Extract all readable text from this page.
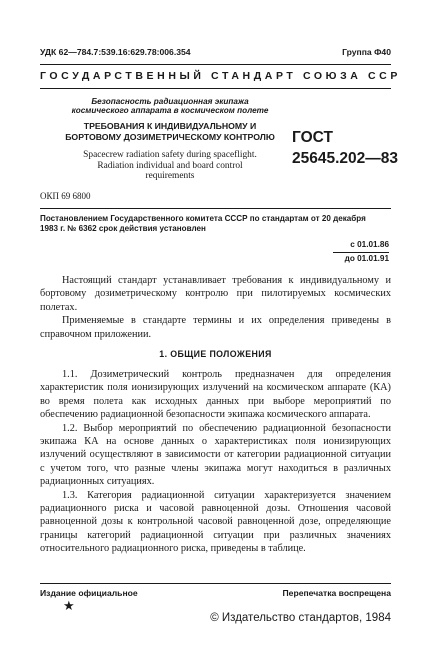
УДК 62—784.7:539.16:629.78:006.354	Группа Ф40
ГОСУДАРСТВЕННЫЙ СТАНДАРТ СОЮЗА ССР
Безопасность радиационная экипажа космического аппарата в космическом полете
ТРЕБОВАНИЯ К ИНДИВИДУАЛЬНОМУ И БОРТОВОМУ ДОЗИМЕТРИЧЕСКОМУ КОНТРОЛЮ
Spacecrew radiation safety during spaceflight.
Radiation individual and board control
requirements
ГОСТ
25645.202—83
ОКП 69 6800
Постановлением Государственного комитета СССР по стандартам от 20 декабря
1983 г. № 6362 срок действия установлен
с 01.01.86
до 01.01.91

Настоящий стандарт устанавливает требования к индивидуальному и бортовому дозиметрическому контролю при пилотируемых космических полетах.

Применяемые в стандарте термины и их определения приведены в справочном приложении.

1. ОБЩИЕ ПОЛОЖЕНИЯ

1.1. Дозиметрический контроль предназначен для определения характеристик поля ионизирующих излучений на космическом аппарате (КА) во время полета как исходных данных при выборе мероприятий по обеспечению радиационной безопасности экипажа космического аппарата.

1.2. Выбор мероприятий по обеспечению радиационной безопасности экипажа КА на основе данных о характеристиках поля ионизирующих излучений осуществляют в зависимости от категории радиационной ситуации с учетом того, что разные члены экипажа могут находиться в различных радиационных ситуациях.

1.3. Категория радиационной ситуации характеризуется значением радиационного риска и часовой равноценной дозы. Отношения часовой равноценной дозы к контрольной часовой равноценной дозе, определяющие границы категорий радиационной ситуации при различных значениях относительного радиационного риска, приведены в таблице.

Издание официальное	Перепечатка воспрещена
★
© Издательство стандартов, 1984
